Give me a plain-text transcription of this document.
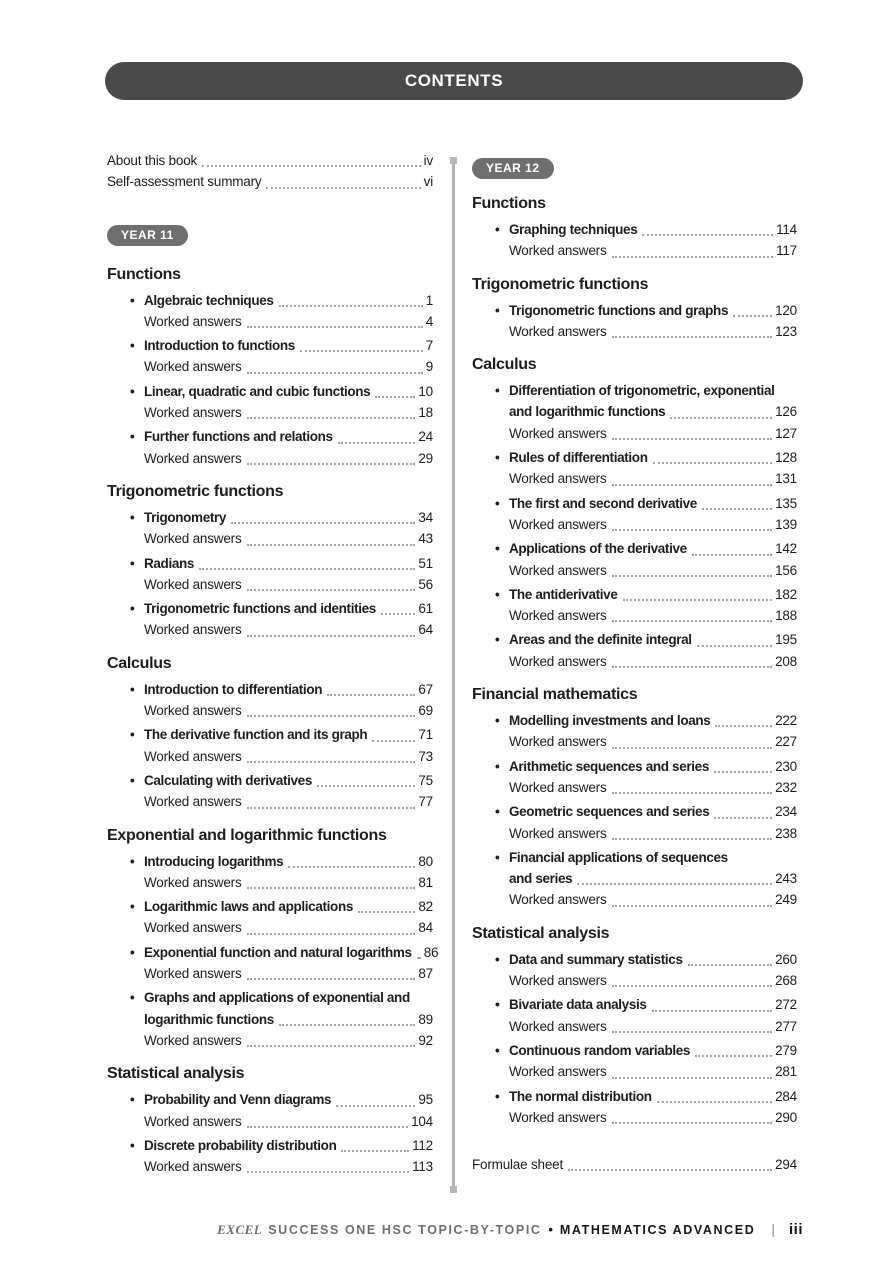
CONTENTS
About this book	iv
Self-assessment summary	vi
YEAR 11
Functions
• Algebraic techniques	1
Worked answers	4
• Introduction to functions	7
Worked answers	9
• Linear, quadratic and cubic functions	10
Worked answers	18
• Further functions and relations	24
Worked answers	29
Trigonometric functions
• Trigonometry	34
Worked answers	43
• Radians	51
Worked answers	56
• Trigonometric functions and identities	61
Worked answers	64
Calculus
• Introduction to differentiation	67
Worked answers	69
• The derivative function and its graph	71
Worked answers	73
• Calculating with derivatives	75
Worked answers	77
Exponential and logarithmic functions
• Introducing logarithms	80
Worked answers	81
• Logarithmic laws and applications	82
Worked answers	84
• Exponential function and natural logarithms 86
Worked answers	87
• Graphs and applications of exponential and
logarithmic functions	89
Worked answers	92
Statistical analysis
• Probability and Venn diagrams	95
Worked answers	104
• Discrete probability distribution	112
Worked answers	113
YEAR 12
Functions
• Graphing techniques	114
Worked answers	117
Trigonometric functions
• Trigonometric functions and graphs	120
Worked answers	123
Calculus
• Differentiation of trigonometric, exponential
and logarithmic functions	126
Worked answers	127
• Rules of differentiation	128
Worked answers	131
• The first and second derivative	135
Worked answers	139
• Applications of the derivative	142
Worked answers	156
• The antiderivative	182
Worked answers	188
• Areas and the definite integral	195
Worked answers	208
Financial mathematics
• Modelling investments and loans	222
Worked answers	227
• Arithmetic sequences and series	230
Worked answers	232
• Geometric sequences and series	234
Worked answers	238
• Financial applications of sequences
and series	243
Worked answers	249
Statistical analysis
• Data and summary statistics	260
Worked answers	268
• Bivariate data analysis	272
Worked answers	277
• Continuous random variables	279
Worked answers	281
• The normal distribution	284
Worked answers	290
Formulae sheet	294
EXCEL SUCCESS ONE HSC TOPIC-BY-TOPIC • MATHEMATICS ADVANCED | iii
